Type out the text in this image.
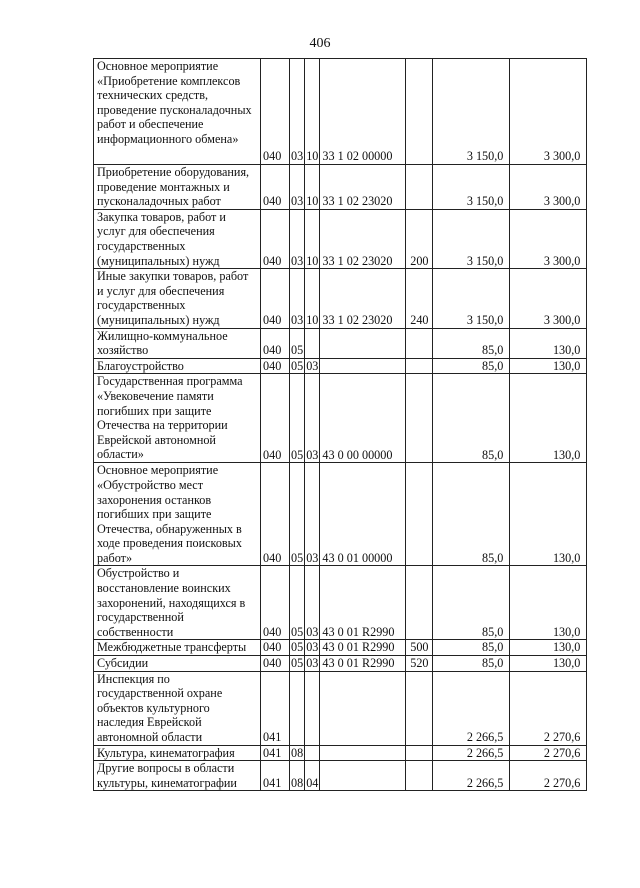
406
Основное мероприятие «Приобретение комплексов технических средств, проведение пусконаладочных работ и обеспечение информационного обмена»	040	03	10	33 1 02 00000		3 150,0	3 300,0
Приобретение оборудования, проведение монтажных и пусконаладочных работ	040	03	10	33 1 02 23020		3 150,0	3 300,0
Закупка товаров, работ и услуг для обеспечения государственных (муниципальных) нужд	040	03	10	33 1 02 23020	200	3 150,0	3 300,0
Иные закупки товаров, работ и услуг для обеспечения государственных (муниципальных) нужд	040	03	10	33 1 02 23020	240	3 150,0	3 300,0
Жилищно-коммунальное хозяйство	040	05				85,0	130,0
Благоустройство	040	05	03			85,0	130,0
Государственная программа «Увековечение памяти погибших при защите Отечества на территории Еврейской автономной области»	040	05	03	43 0 00 00000		85,0	130,0
Основное мероприятие «Обустройство мест захоронения останков погибших при защите Отечества, обнаруженных в ходе проведения поисковых работ»	040	05	03	43 0 01 00000		85,0	130,0
Обустройство и восстановление воинских захоронений, находящихся в государственной собственности	040	05	03	43 0 01 R2990		85,0	130,0
Межбюджетные трансферты	040	05	03	43 0 01 R2990	500	85,0	130,0
Субсидии	040	05	03	43 0 01 R2990	520	85,0	130,0
Инспекция по государственной охране объектов культурного наследия Еврейской автономной области	041					2 266,5	2 270,6
Культура, кинематография	041	08				2 266,5	2 270,6
Другие вопросы в области культуры, кинематографии	041	08	04			2 266,5	2 270,6
